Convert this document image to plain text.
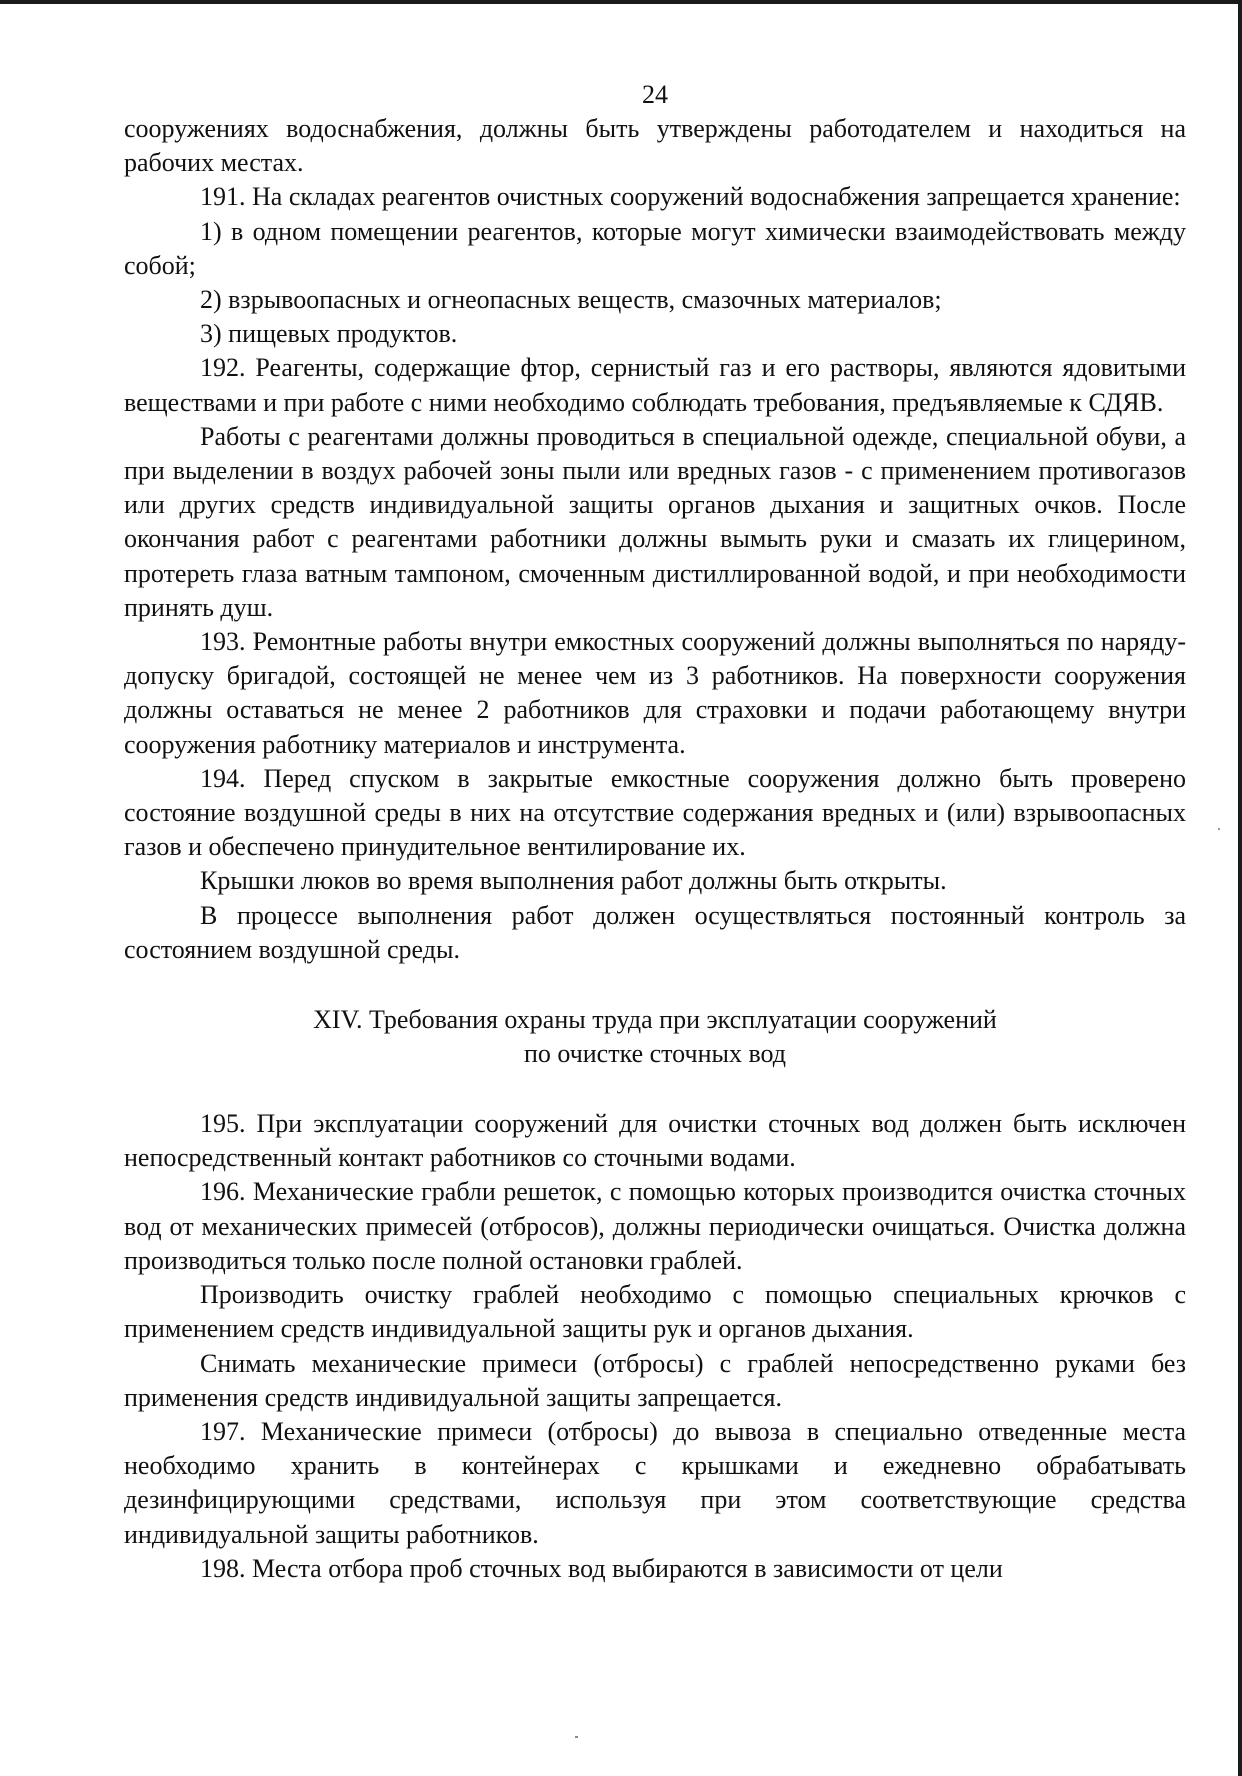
24

сооружениях водоснабжения, должны быть утверждены работодателем и находиться на рабочих местах.

191. На складах реагентов очистных сооружений водоснабжения запрещается хранение:

1) в одном помещении реагентов, которые могут химически взаимодействовать между собой;

2) взрывоопасных и огнеопасных веществ, смазочных материалов;

3) пищевых продуктов.

192. Реагенты, содержащие фтор, сернистый газ и его растворы, являются ядовитыми веществами и при работе с ними необходимо соблюдать требования, предъявляемые к СДЯВ.

Работы с реагентами должны проводиться в специальной одежде, специальной обуви, а при выделении в воздух рабочей зоны пыли или вредных газов - с применением противогазов или других средств индивидуальной защиты органов дыхания и защитных очков. После окончания работ с реагентами работники должны вымыть руки и смазать их глицерином, протереть глаза ватным тампоном, смоченным дистиллированной водой, и при необходимости принять душ.

193. Ремонтные работы внутри емкостных сооружений должны выполняться по наряду-допуску бригадой, состоящей не менее чем из 3 работников. На поверхности сооружения должны оставаться не менее 2 работников для страховки и подачи работающему внутри сооружения работнику материалов и инструмента.

194. Перед спуском в закрытые емкостные сооружения должно быть проверено состояние воздушной среды в них на отсутствие содержания вредных и (или) взрывоопасных газов и обеспечено принудительное вентилирование их.

Крышки люков во время выполнения работ должны быть открыты.

В процессе выполнения работ должен осуществляться постоянный контроль за состоянием воздушной среды.

XIV. Требования охраны труда при эксплуатации сооружений
по очистке сточных вод

195. При эксплуатации сооружений для очистки сточных вод должен быть исключен непосредственный контакт работников со сточными водами.

196. Механические грабли решеток, с помощью которых производится очистка сточных вод от механических примесей (отбросов), должны периодически очищаться. Очистка должна производиться только после полной остановки граблей.

Производить очистку граблей необходимо с помощью специальных крючков с применением средств индивидуальной защиты рук и органов дыхания.

Снимать механические примеси (отбросы) с граблей непосредственно руками без применения средств индивидуальной защиты запрещается.

197. Механические примеси (отбросы) до вывоза в специально отведенные места необходимо хранить в контейнерах с крышками и ежедневно обрабатывать дезинфицирующими средствами, используя при этом соответствующие средства индивидуальной защиты работников.

198. Места отбора проб сточных вод выбираются в зависимости от цели
